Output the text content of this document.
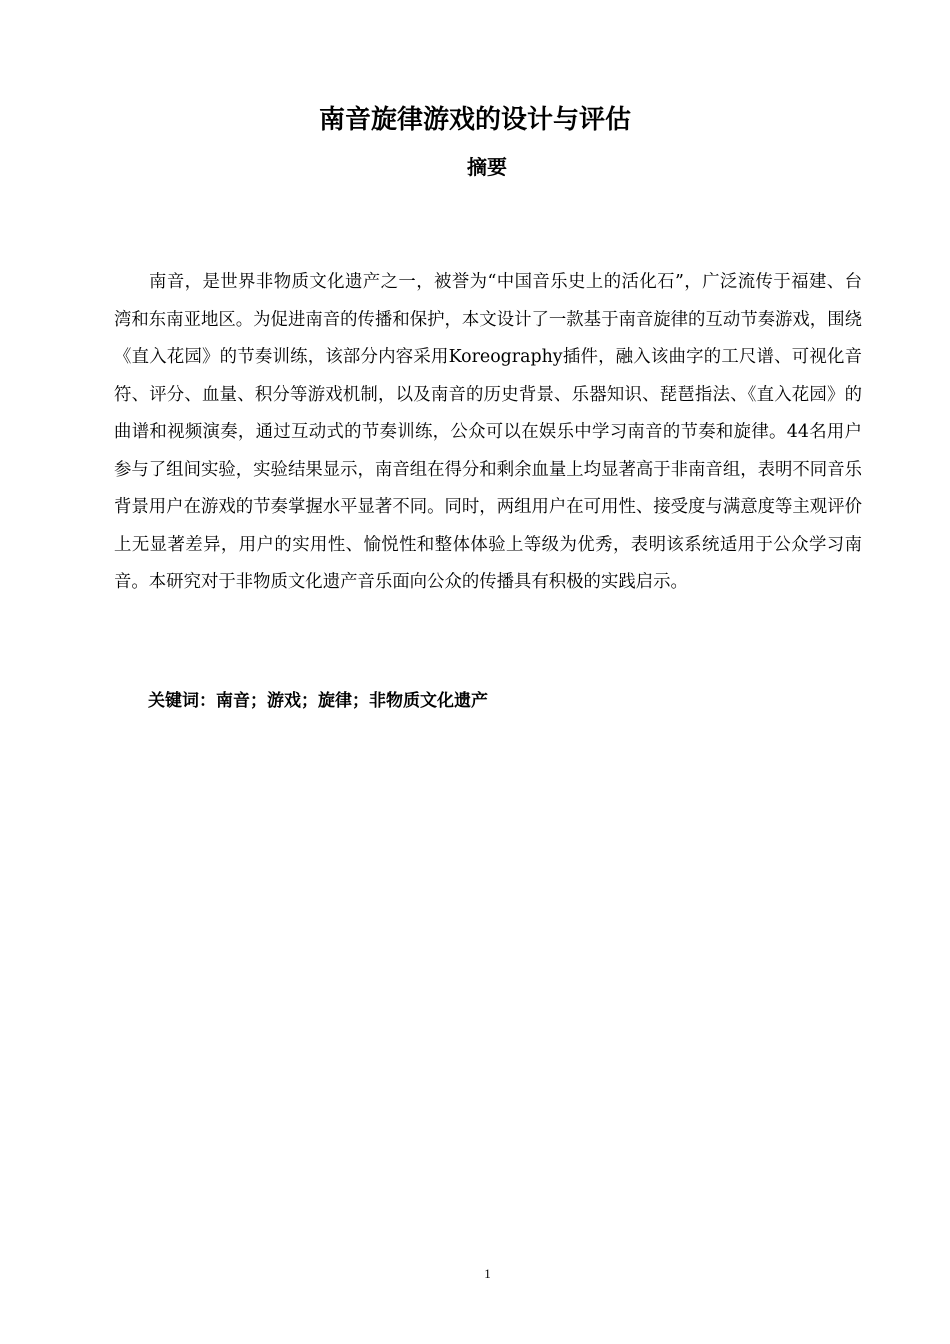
南音旋律游戏的设计与评估
摘要

南音，是世界非物质文化遗产之一，被誉为“中国音乐史上的活化石”，广泛流传于福建、台湾和东南亚地区。为促进南音的传播和保护，本文设计了一款基于南音旋律的互动节奏游戏，围绕《直入花园》的节奏训练，该部分内容采用Koreography插件，融入该曲字的工尺谱、可视化音符、评分、血量、积分等游戏机制，以及南音的历史背景、乐器知识、琵琶指法、《直入花园》的曲谱和视频演奏，通过互动式的节奏训练，公众可以在娱乐中学习南音的节奏和旋律。44名用户参与了组间实验，实验结果显示，南音组在得分和剩余血量上均显著高于非南音组，表明不同音乐背景用户在游戏的节奏掌握水平显著不同。同时，两组用户在可用性、接受度与满意度等主观评价上无显著差异，用户的实用性、愉悦性和整体体验上等级为优秀，表明该系统适用于公众学习南音。本研究对于非物质文化遗产音乐面向公众的传播具有积极的实践启示。

关键词：南音；游戏；旋律；非物质文化遗产

1
